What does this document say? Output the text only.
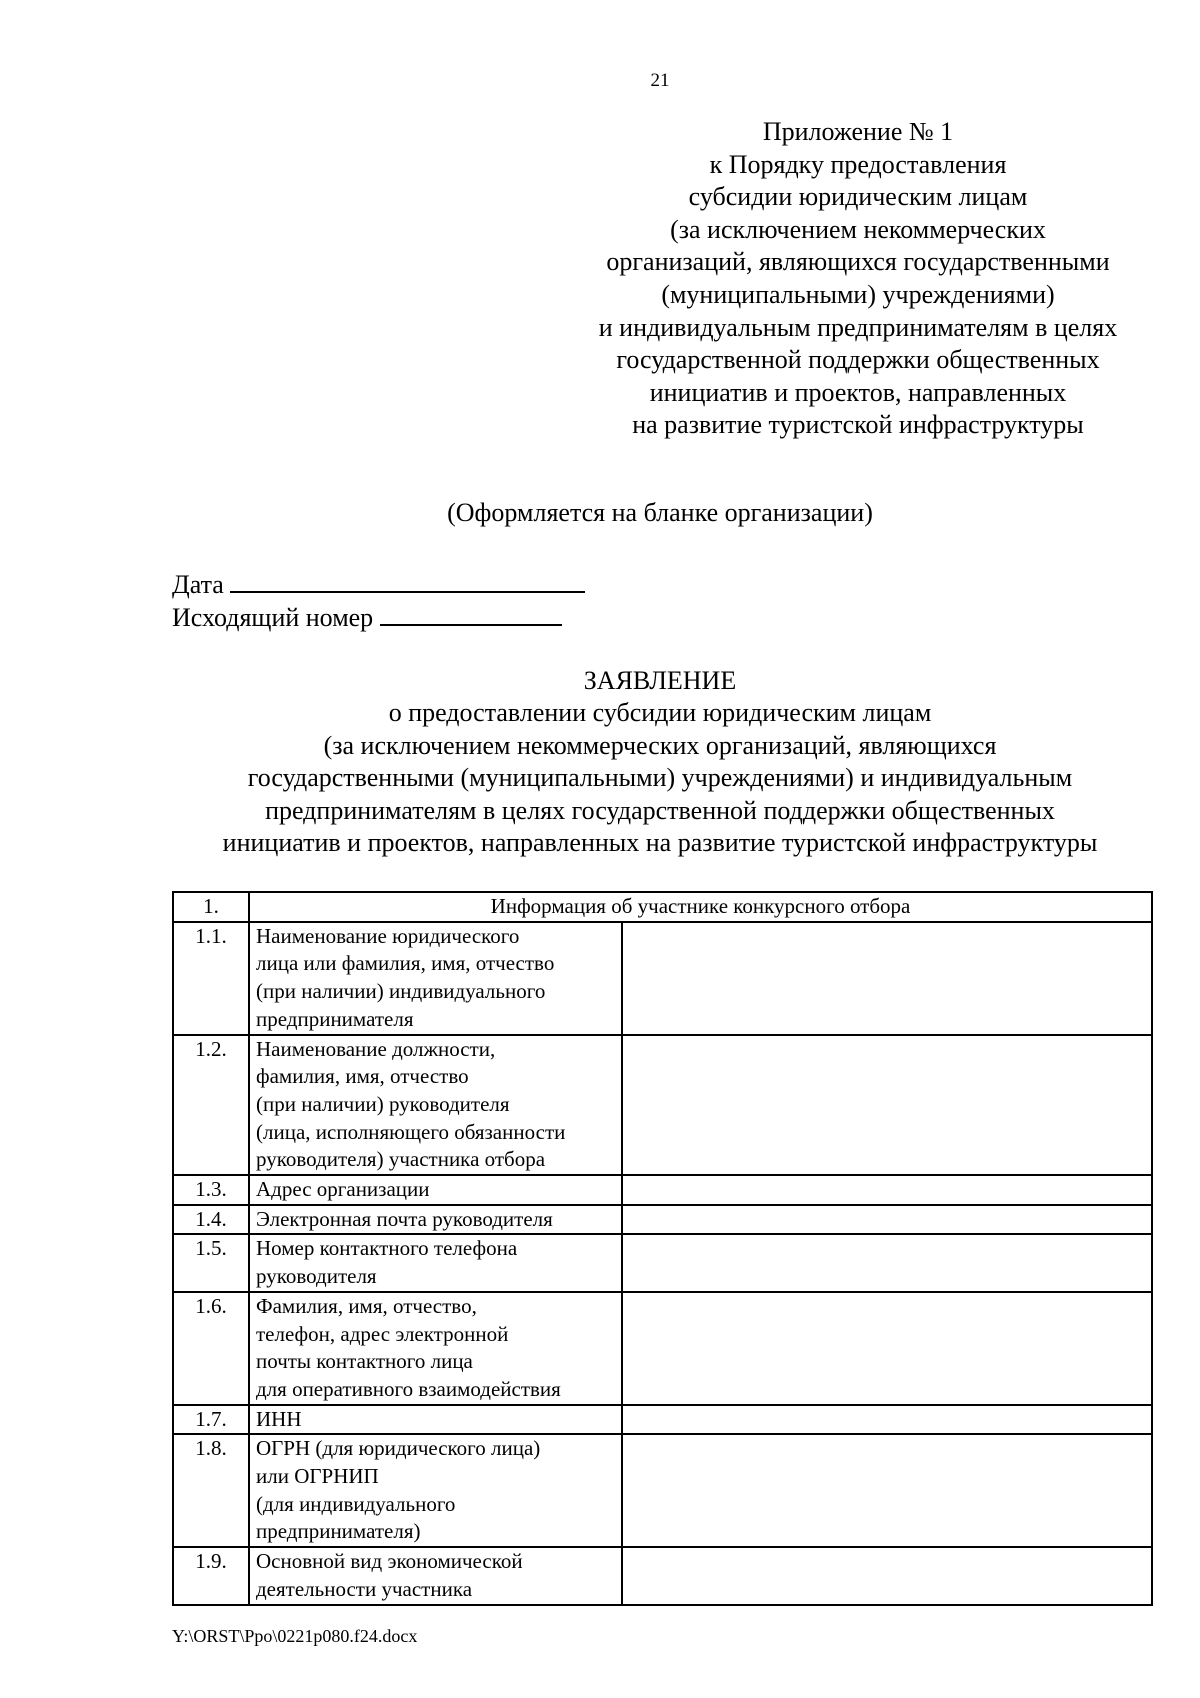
21
Приложение № 1
к Порядку предоставления
субсидии юридическим лицам
(за исключением некоммерческих
организаций, являющихся государственными
(муниципальными) учреждениями)
и индивидуальным предпринимателям в целях
государственной поддержки общественных
инициатив и проектов, направленных
на развитие туристской инфраструктуры
(Оформляется на бланке организации)
Дата
Исходящий номер
ЗАЯВЛЕНИЕ
о предоставлении субсидии юридическим лицам
(за исключением некоммерческих организаций, являющихся
государственными (муниципальными) учреждениями) и индивидуальным
предпринимателям в целях государственной поддержки общественных
инициатив и проектов, направленных на развитие туристской инфраструктуры
1.	Информация об участнике конкурсного отбора	
1.1.	Наименование юридического
лица или фамилия, имя, отчество
(при наличии) индивидуального
предпринимателя	

1.2.	Наименование должности,
фамилия, имя, отчество
(при наличии) руководителя
(лица, исполняющего обязанности
руководителя) участника отбора	

1.3.	Адрес организации	

1.4.	Электронная почта руководителя	

1.5.	Номер контактного телефона
руководителя	

1.6.	Фамилия, имя, отчество,
телефон, адрес электронной
почты контактного лица
для оперативного взаимодействия	

1.7.	ИНН	

1.8.	ОГРН (для юридического лица)
или ОГРНИП
(для индивидуального
предпринимателя)	

1.9.	Основной вид экономической
деятельности участника	

Y:\ORST\Ppo\0221p080.f24.docx
